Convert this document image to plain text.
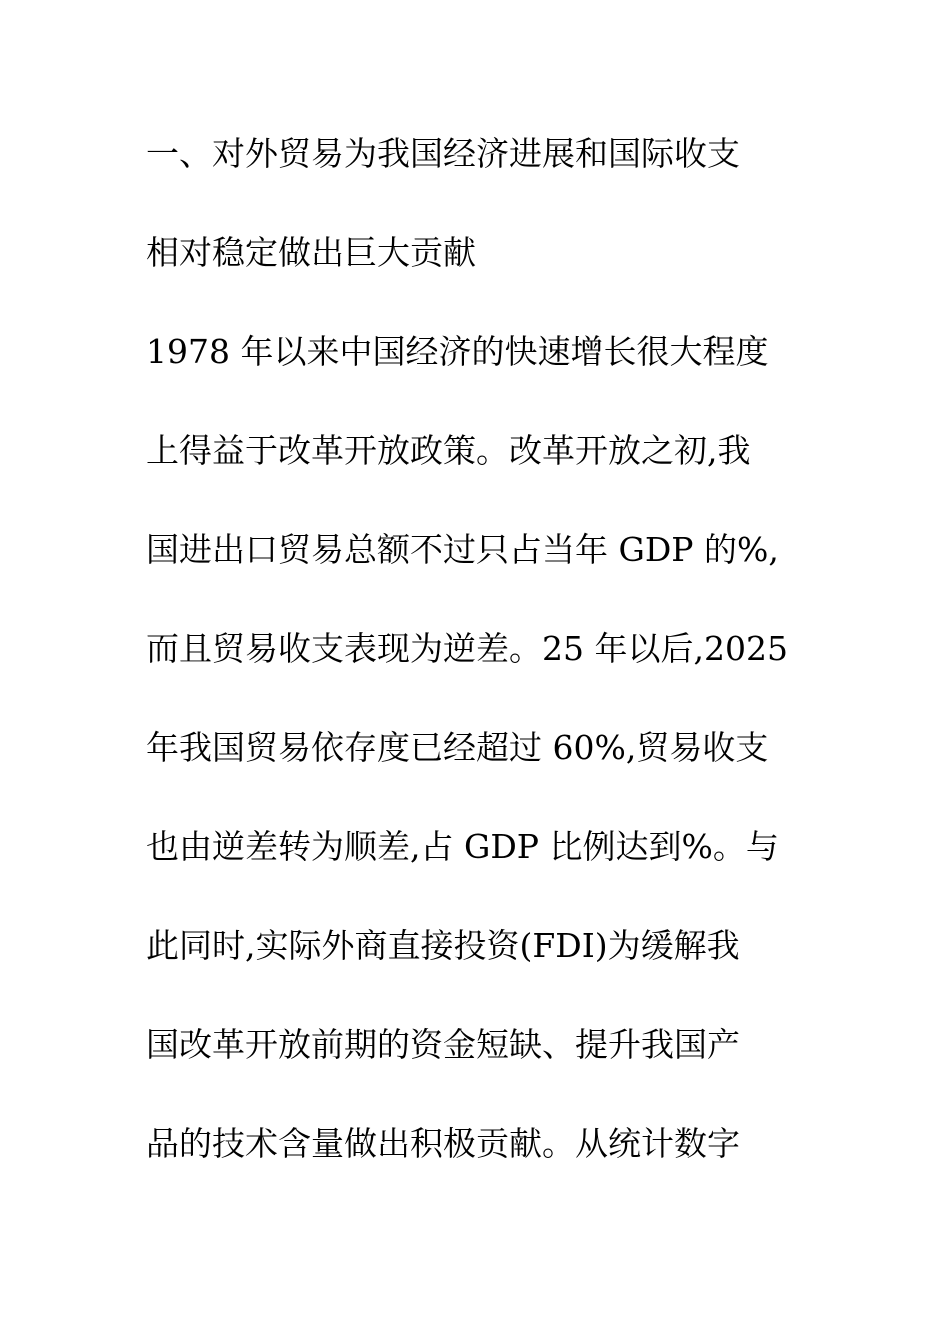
一、对外贸易为我国经济进展和国际收支
相对稳定做出巨大贡献
1978 年以来中国经济的快速增长很大程度
上得益于改革开放政策。改革开放之初,我
国进出口贸易总额不过只占当年 GDP 的%,
而且贸易收支表现为逆差。25 年以后,2025
年我国贸易依存度已经超过 60%,贸易收支
也由逆差转为顺差,占 GDP 比例达到%。与
此同时,实际外商直接投资(FDI)为缓解我
国改革开放前期的资金短缺、提升我国产
品的技术含量做出积极贡献。从统计数字
